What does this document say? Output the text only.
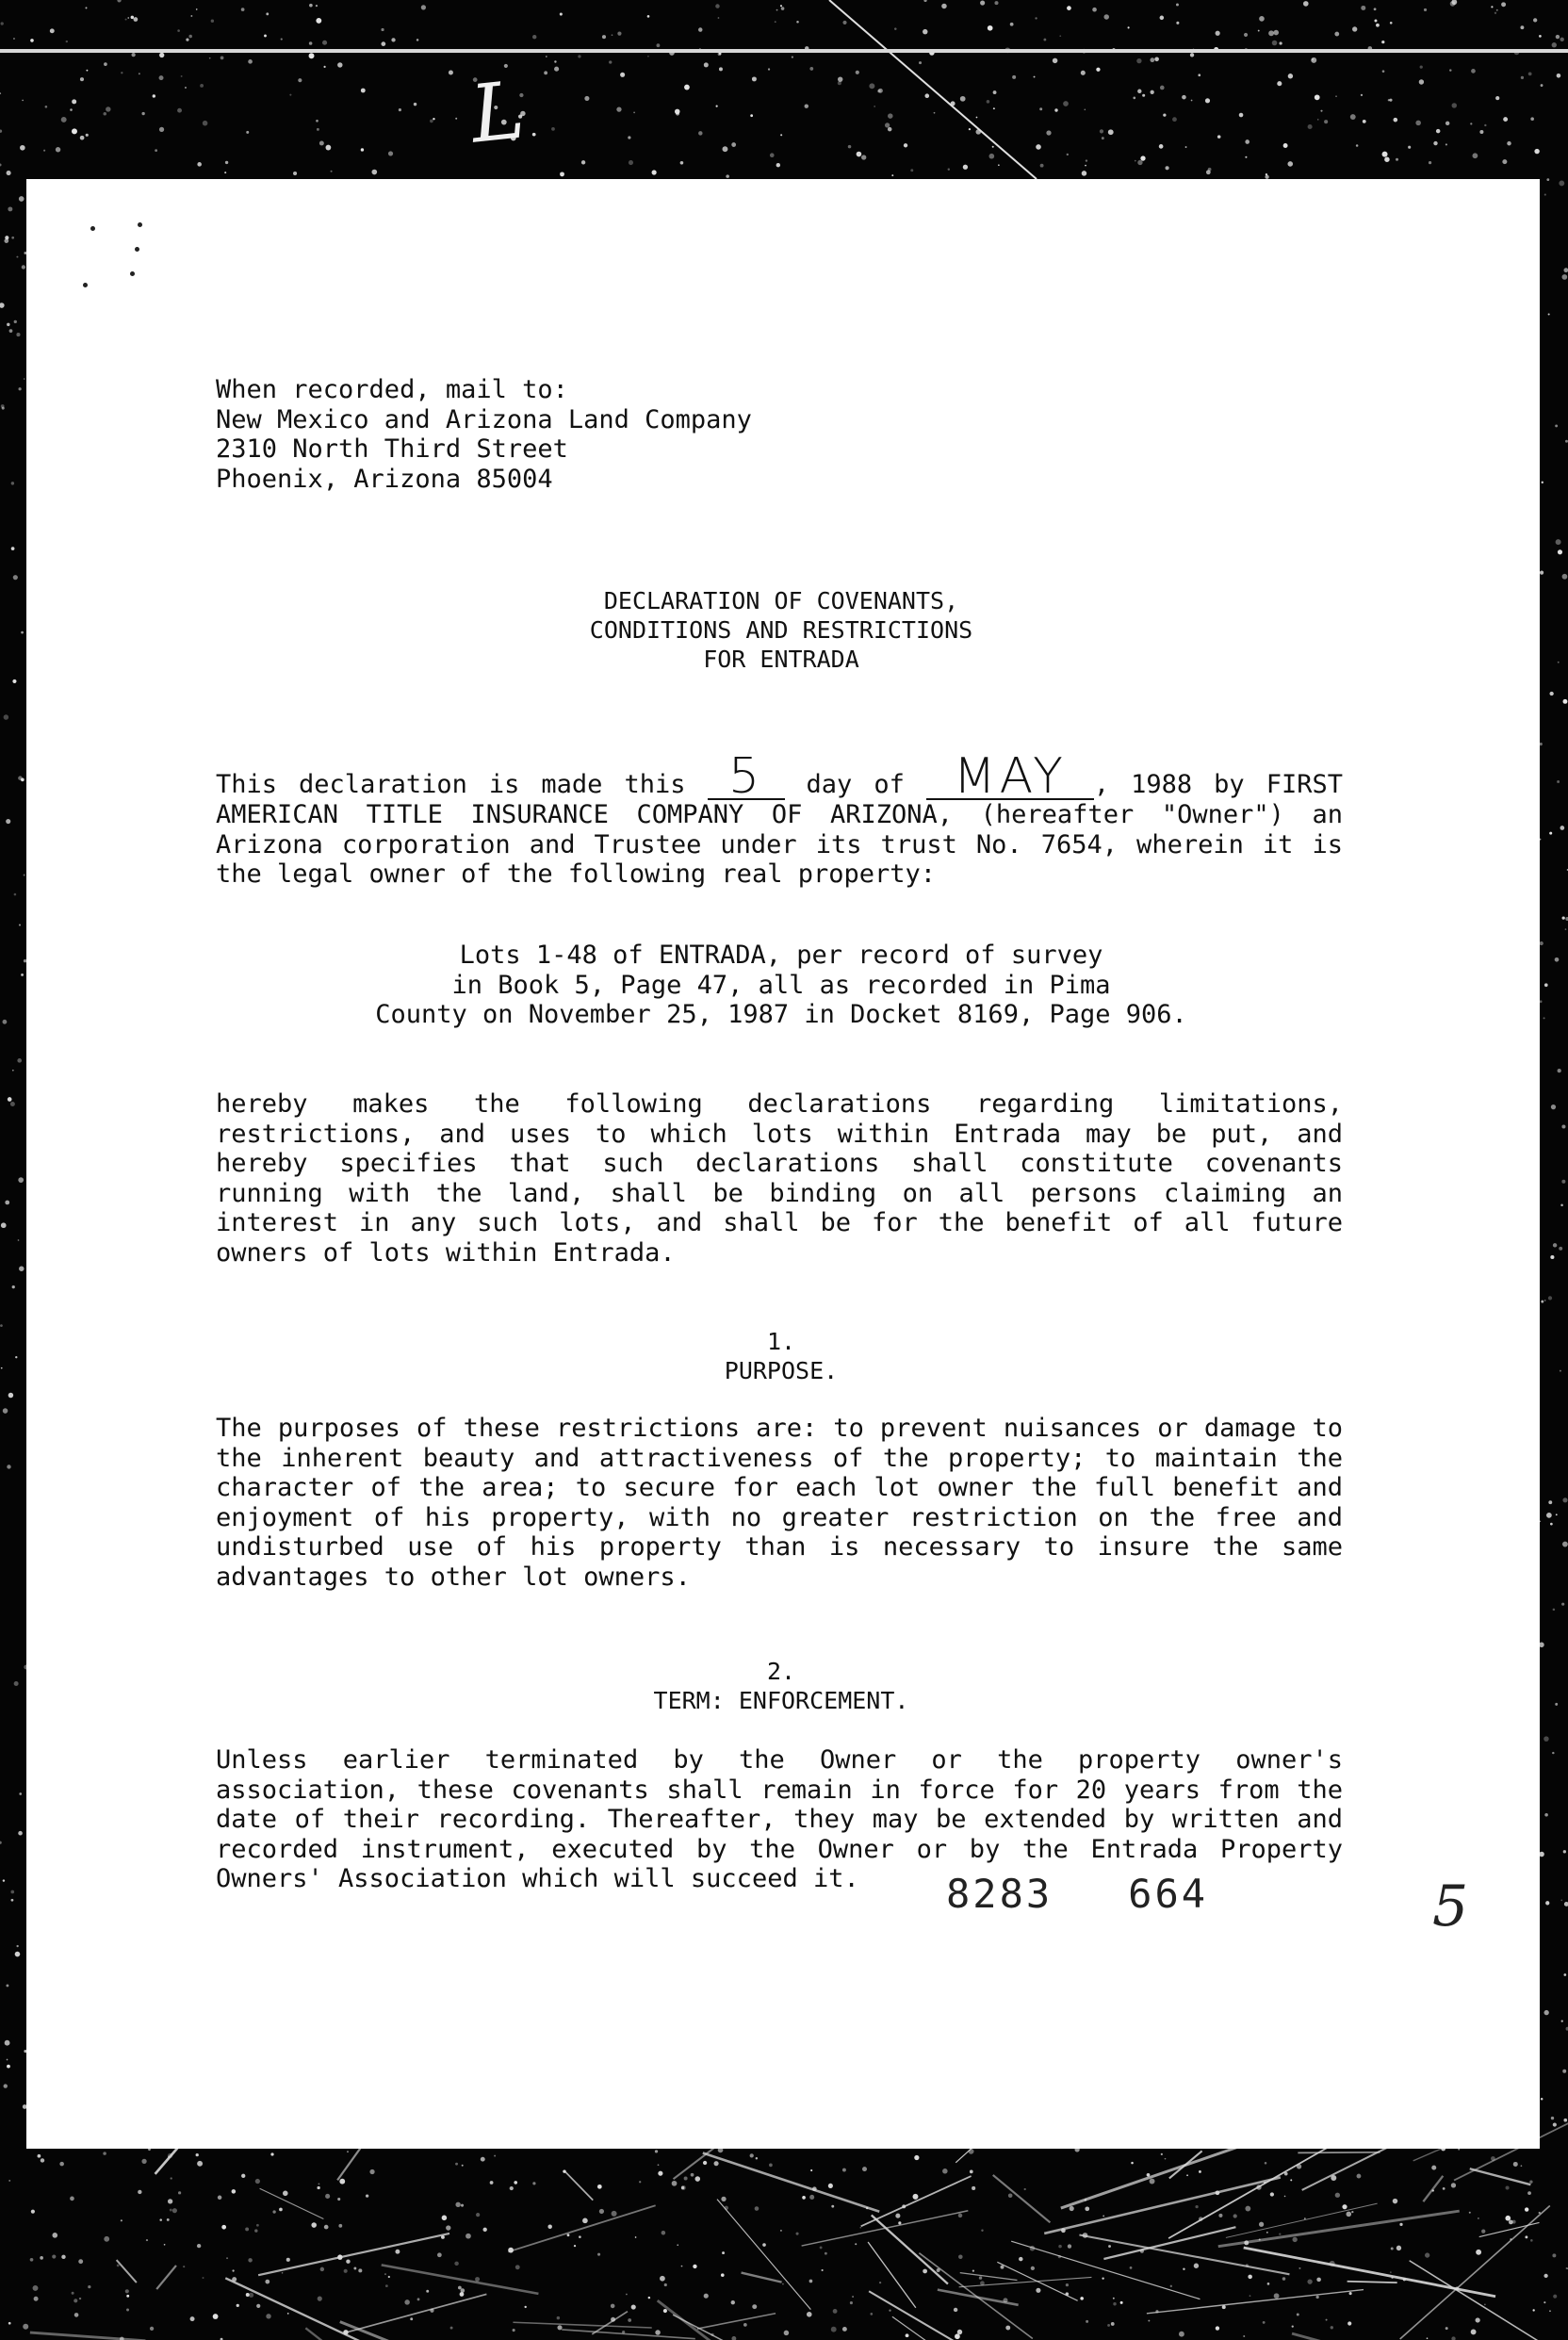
L
When recorded, mail to:
New Mexico and Arizona Land Company
2310 North Third Street
Phoenix, Arizona 85004
DECLARATION OF COVENANTS,
CONDITIONS AND RESTRICTIONS
FOR ENTRADA
This declaration is made this 5 day of MAY , 1988 by FIRST AMERICAN TITLE INSURANCE COMPANY OF ARIZONA, (hereafter "Owner") an Arizona corporation and Trustee under its trust No. 7654, wherein it is the legal owner of the following real property:
Lots 1-48 of ENTRADA, per record of survey
in Book 5, Page 47, all as recorded in Pima
County on November 25, 1987 in Docket 8169, Page 906.
hereby makes the following declarations regarding limitations, restrictions, and uses to which lots within Entrada may be put, and hereby specifies that such declarations shall constitute covenants running with the land, shall be binding on all persons claiming an interest in any such lots, and shall be for the benefit of all future owners of lots within Entrada.
1.
PURPOSE.
The purposes of these restrictions are: to prevent nuisances or damage to the inherent beauty and attractiveness of the property; to maintain the character of the area; to secure for each lot owner the full benefit and enjoyment of his property, with no greater restriction on the free and undisturbed use of his property than is necessary to insure the same advantages to other lot owners.
2.
TERM: ENFORCEMENT.
Unless earlier terminated by the Owner or the property owner's association, these covenants shall remain in force for 20 years from the date of their recording. Thereafter, they may be extended by written and recorded instrument, executed by the Owner or by the Entrada Property Owners' Association which will succeed it.	8283 664	5
